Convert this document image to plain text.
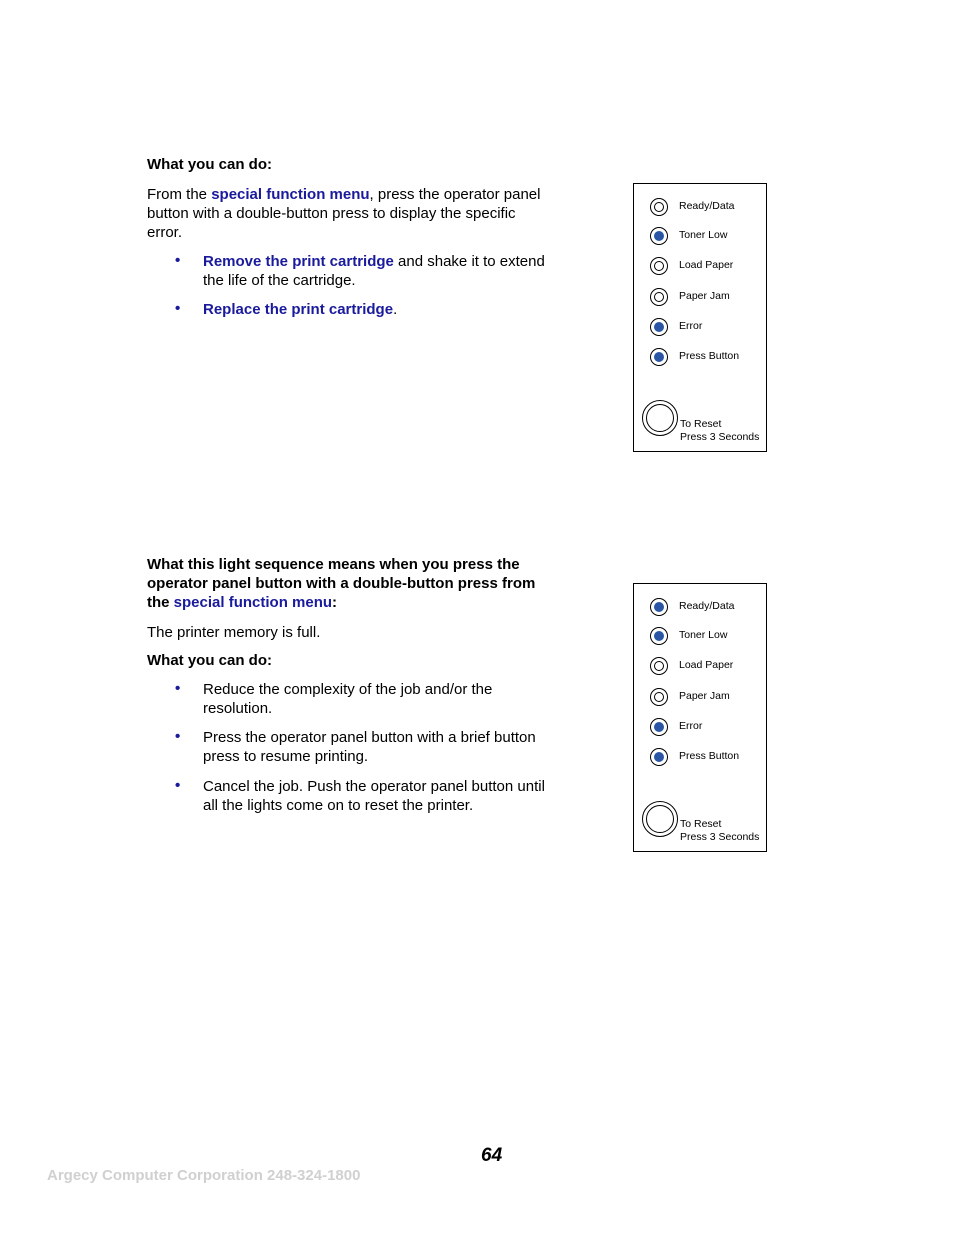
What you can do:
From the special function menu, press the operator panel
button with a double-button press to display the specific
error.
• Remove the print cartridge and shake it to extend
the life of the cartridge.
• Replace the print cartridge.
Ready/Data
Toner Low
Load Paper
Paper Jam
Error
Press Button
To Reset
Press 3 Seconds
What this light sequence means when you press the
operator panel button with a double-button press from
the special function menu:
The printer memory is full.
What you can do:
• Reduce the complexity of the job and/or the
resolution.
• Press the operator panel button with a brief button
press to resume printing.
• Cancel the job. Push the operator panel button until
all the lights come on to reset the printer.
Ready/Data
Toner Low
Load Paper
Paper Jam
Error
Press Button
To Reset
Press 3 Seconds
64
Argecy Computer Corporation 248-324-1800
